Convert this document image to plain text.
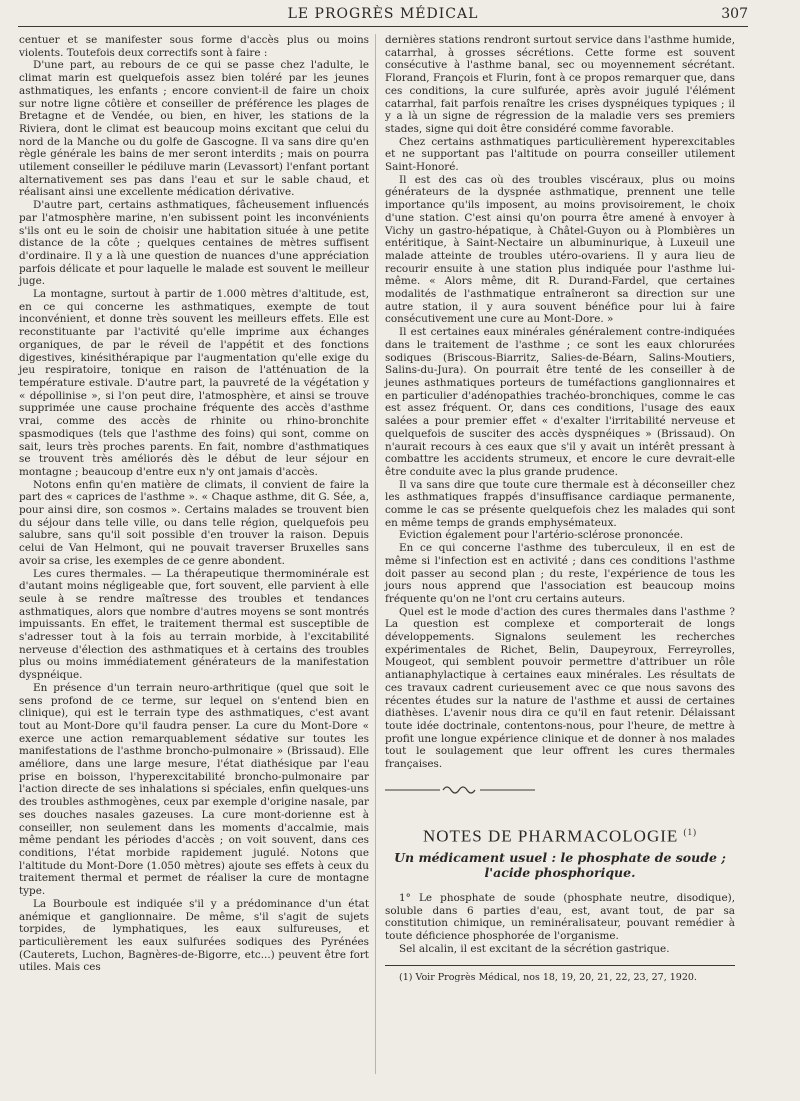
LE PROGRÈS MÉDICAL	307

centuer et se manifester sous forme d'accès plus ou moins violents. Toutefois deux correctifs sont à faire :

D'une part, au rebours de ce qui se passe chez l'adulte, le climat marin est quelquefois assez bien toléré par les jeunes asthmatiques, les enfants ; encore convient-il de faire un choix sur notre ligne côtière et conseiller de préférence les plages de Bretagne et de Vendée, ou bien, en hiver, les stations de la Riviera, dont le climat est beaucoup moins excitant que celui du nord de la Manche ou du golfe de Gascogne. Il va sans dire qu'en règle générale les bains de mer seront interdits ; mais on pourra utilement conseiller le pédiluve marin (Levassort) l'enfant portant alternativement ses pas dans l'eau et sur le sable chaud, et réalisant ainsi une excellente médication dérivative.

D'autre part, certains asthmatiques, fâcheusement influencés par l'atmosphère marine, n'en subissent point les inconvénients s'ils ont eu le soin de choisir une habitation située à une petite distance de la côte ; quelques centaines de mètres suffisent d'ordinaire. Il y a là une question de nuances d'une appréciation parfois délicate et pour laquelle le malade est souvent le meilleur juge.

La montagne, surtout à partir de 1.000 mètres d'altitude, est, en ce qui concerne les asthmatiques, exempte de tout inconvénient, et donne très souvent les meilleurs effets. Elle est reconstituante par l'activité qu'elle imprime aux échanges organiques, de par le réveil de l'appétit et des fonctions digestives, kinésithérapique par l'augmentation qu'elle exige du jeu respiratoire, tonique en raison de l'atténuation de la température estivale. D'autre part, la pauvreté de la végétation y « dépollinise », si l'on peut dire, l'atmosphère, et ainsi se trouve supprimée une cause prochaine fréquente des accès d'asthme vrai, comme des accès de rhinite ou rhino-bronchite spasmodiques (tels que l'asthme des foins) qui sont, comme on sait, leurs très proches parents. En fait, nombre d'asthmatiques se trouvent très améliorés dès le début de leur séjour en montagne ; beaucoup d'entre eux n'y ont jamais d'accès.

Notons enfin qu'en matière de climats, il convient de faire la part des « caprices de l'asthme ». « Chaque asthme, dit G. Sée, a, pour ainsi dire, son cosmos ». Certains malades se trouvent bien du séjour dans telle ville, ou dans telle région, quelquefois peu salubre, sans qu'il soit possible d'en trouver la raison. Depuis celui de Van Helmont, qui ne pouvait traverser Bruxelles sans avoir sa crise, les exemples de ce genre abondent.

Les cures thermales. — La thérapeutique thermominérale est d'autant moins négligeable que, fort souvent, elle parvient à elle seule à se rendre maîtresse des troubles et tendances asthmatiques, alors que nombre d'autres moyens se sont montrés impuissants. En effet, le traitement thermal est susceptible de s'adresser tout à la fois au terrain morbide, à l'excitabilité nerveuse d'élection des asthmatiques et à certains des troubles plus ou moins immédiatement générateurs de la manifestation dyspnéique.

En présence d'un terrain neuro-arthritique (quel que soit le sens profond de ce terme, sur lequel on s'entend bien en clinique), qui est le terrain type des asthmatiques, c'est avant tout au Mont-Dore qu'il faudra penser. La cure du Mont-Dore « exerce une action remarquablement sédative sur toutes les manifestations de l'asthme broncho-pulmonaire » (Brissaud). Elle améliore, dans une large mesure, l'état diathésique par l'eau prise en boisson, l'hyperexcitabilité broncho-pulmonaire par l'action directe de ses inhalations si spéciales, enfin quelques-uns des troubles asthmogènes, ceux par exemple d'origine nasale, par ses douches nasales gazeuses. La cure mont-dorienne est à conseiller, non seulement dans les moments d'accalmie, mais même pendant les périodes d'accès ; on voit souvent, dans ces conditions, l'état morbide rapidement jugulé. Notons que l'altitude du Mont-Dore (1.050 mètres) ajoute ses effets à ceux du traitement thermal et permet de réaliser la cure de montagne type.

La Bourboule est indiquée s'il y a prédominance d'un état anémique et ganglionnaire. De même, s'il s'agit de sujets torpides, de lymphatiques, les eaux sulfureuses, et particulièrement les eaux sulfurées sodiques des Pyrénées (Cauterets, Luchon, Bagnères-de-Bigorre, etc...) peuvent être fort utiles. Mais ces

dernières stations rendront surtout service dans l'asthme humide, catarrhal, à grosses sécrétions. Cette forme est souvent consécutive à l'asthme banal, sec ou moyennement sécrétant. Florand, François et Flurin, font à ce propos remarquer que, dans ces conditions, la cure sulfurée, après avoir jugulé l'élément catarrhal, fait parfois renaître les crises dyspnéiques typiques ; il y a là un signe de régression de la maladie vers ses premiers stades, signe qui doit être considéré comme favorable.

Chez certains asthmatiques particulièrement hyperexcitables et ne supportant pas l'altitude on pourra conseiller utilement Saint-Honoré.

Il est des cas où des troubles viscéraux, plus ou moins générateurs de la dyspnée asthmatique, prennent une telle importance qu'ils imposent, au moins provisoirement, le choix d'une station. C'est ainsi qu'on pourra être amené à envoyer à Vichy un gastro-hépatique, à Châtel-Guyon ou à Plombières un entéritique, à Saint-Nectaire un albuminurique, à Luxeuil une malade atteinte de troubles utéro-ovariens. Il y aura lieu de recourir ensuite à une station plus indiquée pour l'asthme lui-même. « Alors même, dit R. Durand-Fardel, que certaines modalités de l'asthmatique entraîneront sa direction sur une autre station, il y aura souvent bénéfice pour lui à faire consécutivement une cure au Mont-Dore. »

Il est certaines eaux minérales généralement contre-indiquées dans le traitement de l'asthme ; ce sont les eaux chlorurées sodiques (Briscous-Biarritz, Salies-de-Béarn, Salins-Moutiers, Salins-du-Jura). On pourrait être tenté de les conseiller à de jeunes asthmatiques porteurs de tuméfactions ganglionnaires et en particulier d'adénopathies trachéo-bronchiques, comme le cas est assez fréquent. Or, dans ces conditions, l'usage des eaux salées a pour premier effet « d'exalter l'irritabilité nerveuse et quelquefois de susciter des accès dyspnéiques » (Brissaud). On n'aurait recours à ces eaux que s'il y avait un intérêt pressant à combattre les accidents strumeux, et encore le cure devrait-elle être conduite avec la plus grande prudence.

Il va sans dire que toute cure thermale est à déconseiller chez les asthmatiques frappés d'insuffisance cardiaque permanente, comme le cas se présente quelquefois chez les malades qui sont en même temps de grands emphysémateux.

Eviction également pour l'artério-sclérose prononcée.

En ce qui concerne l'asthme des tuberculeux, il en est de même si l'infection est en activité ; dans ces conditions l'asthme doit passer au second plan ; du reste, l'expérience de tous les jours nous apprend que l'association est beaucoup moins fréquente qu'on ne l'ont cru certains auteurs.

Quel est le mode d'action des cures thermales dans l'asthme ? La question est complexe et comporterait de longs développements. Signalons seulement les recherches expérimentales de Richet, Belin, Daupeyroux, Ferreyrolles, Mougeot, qui semblent pouvoir permettre d'attribuer un rôle antianaphylactique à certaines eaux minérales. Les résultats de ces travaux cadrent curieusement avec ce que nous savons des récentes études sur la nature de l'asthme et aussi de certaines diathèses. L'avenir nous dira ce qu'il en faut retenir. Délaissant toute idée doctrinale, contentons-nous, pour l'heure, de mettre à profit une longue expérience clinique et de donner à nos malades tout le soulagement que leur offrent les cures thermales françaises.

NOTES DE PHARMACOLOGIE $^{(1)}$
Un médicament usuel : le phosphate de soude ;
l'acide phosphorique.

1° Le phosphate de soude (phosphate neutre, disodique), soluble dans 6 parties d'eau, est, avant tout, de par sa constitution chimique, un reminéralisateur, pouvant remédier à toute déficience phosphorée de l'organisme.

Sel alcalin, il est excitant de la sécrétion gastrique.

(1) Voir Progrès Médical, nos 18, 19, 20, 21, 22, 23, 27, 1920.
